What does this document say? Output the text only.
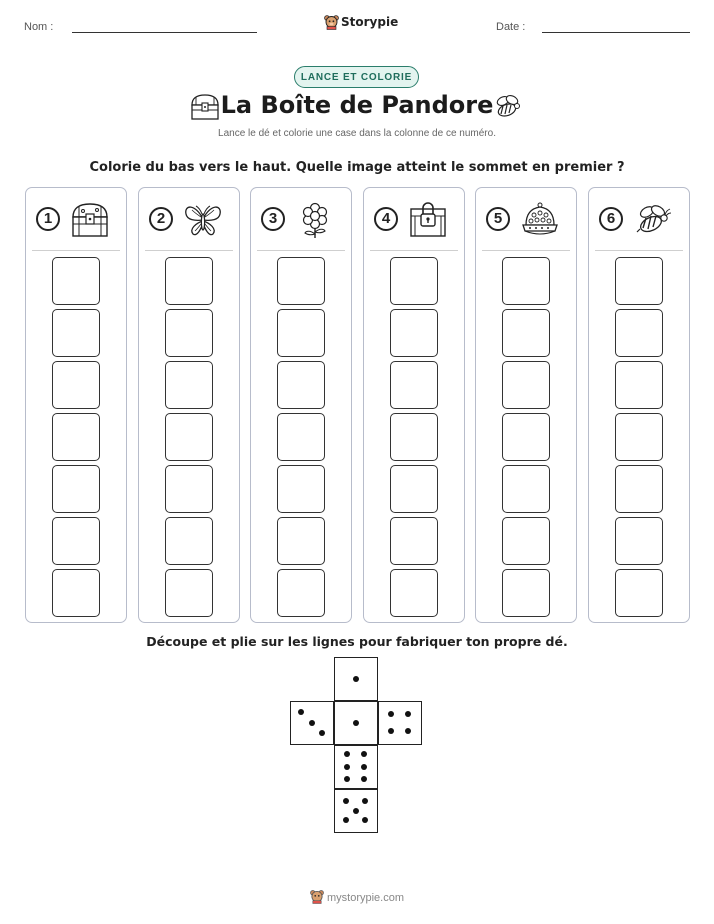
Nom :	Storypie	Date :
LANCE ET COLORIE
La Boîte de Pandore
Lance le dé et colorie une case dans la colonne de ce numéro.
Colorie du bas vers le haut. Quelle image atteint le sommet en premier ?
1	2	3	4	5	6
Découpe et plie sur les lignes pour fabriquer ton propre dé.
mystorypie.com
